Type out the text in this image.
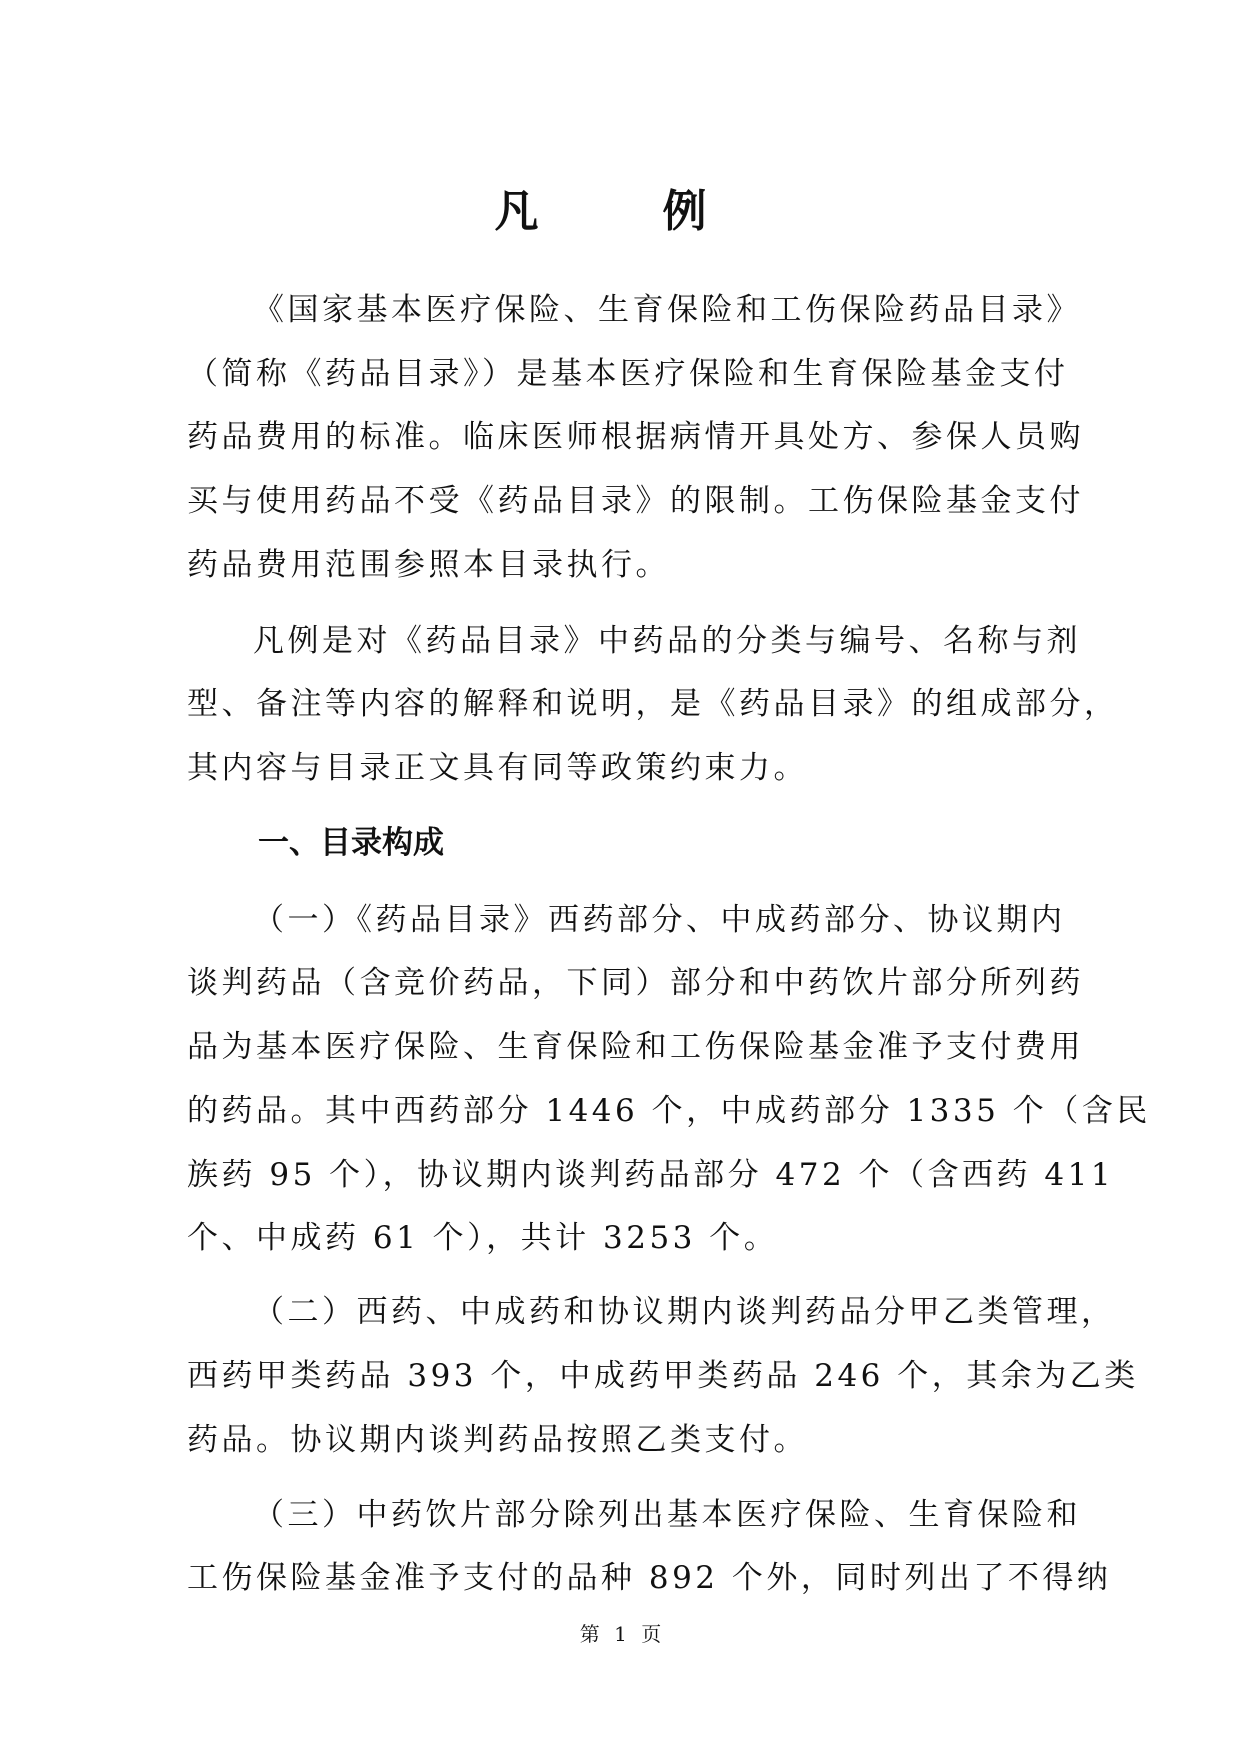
凡　例
《国家基本医疗保险、生育保险和工伤保险药品目录》
（简称《药品目录》）是基本医疗保险和生育保险基金支付
药品费用的标准。临床医师根据病情开具处方、参保人员购
买与使用药品不受《药品目录》的限制。工伤保险基金支付
药品费用范围参照本目录执行。
凡例是对《药品目录》中药品的分类与编号、名称与剂
型、备注等内容的解释和说明，是《药品目录》的组成部分，
其内容与目录正文具有同等政策约束力。
一、目录构成
（一）《药品目录》西药部分、中成药部分、协议期内
谈判药品（含竞价药品，下同）部分和中药饮片部分所列药
品为基本医疗保险、生育保险和工伤保险基金准予支付费用
的药品。其中西药部分 1446 个，中成药部分 1335 个（含民
族药 95 个），协议期内谈判药品部分 472 个（含西药 411
个、中成药 61 个），共计 3253 个。
（二）西药、中成药和协议期内谈判药品分甲乙类管理，
西药甲类药品 393 个，中成药甲类药品 246 个，其余为乙类
药品。协议期内谈判药品按照乙类支付。
（三）中药饮片部分除列出基本医疗保险、生育保险和
工伤保险基金准予支付的品种 892 个外，同时列出了不得纳
第 1 页
